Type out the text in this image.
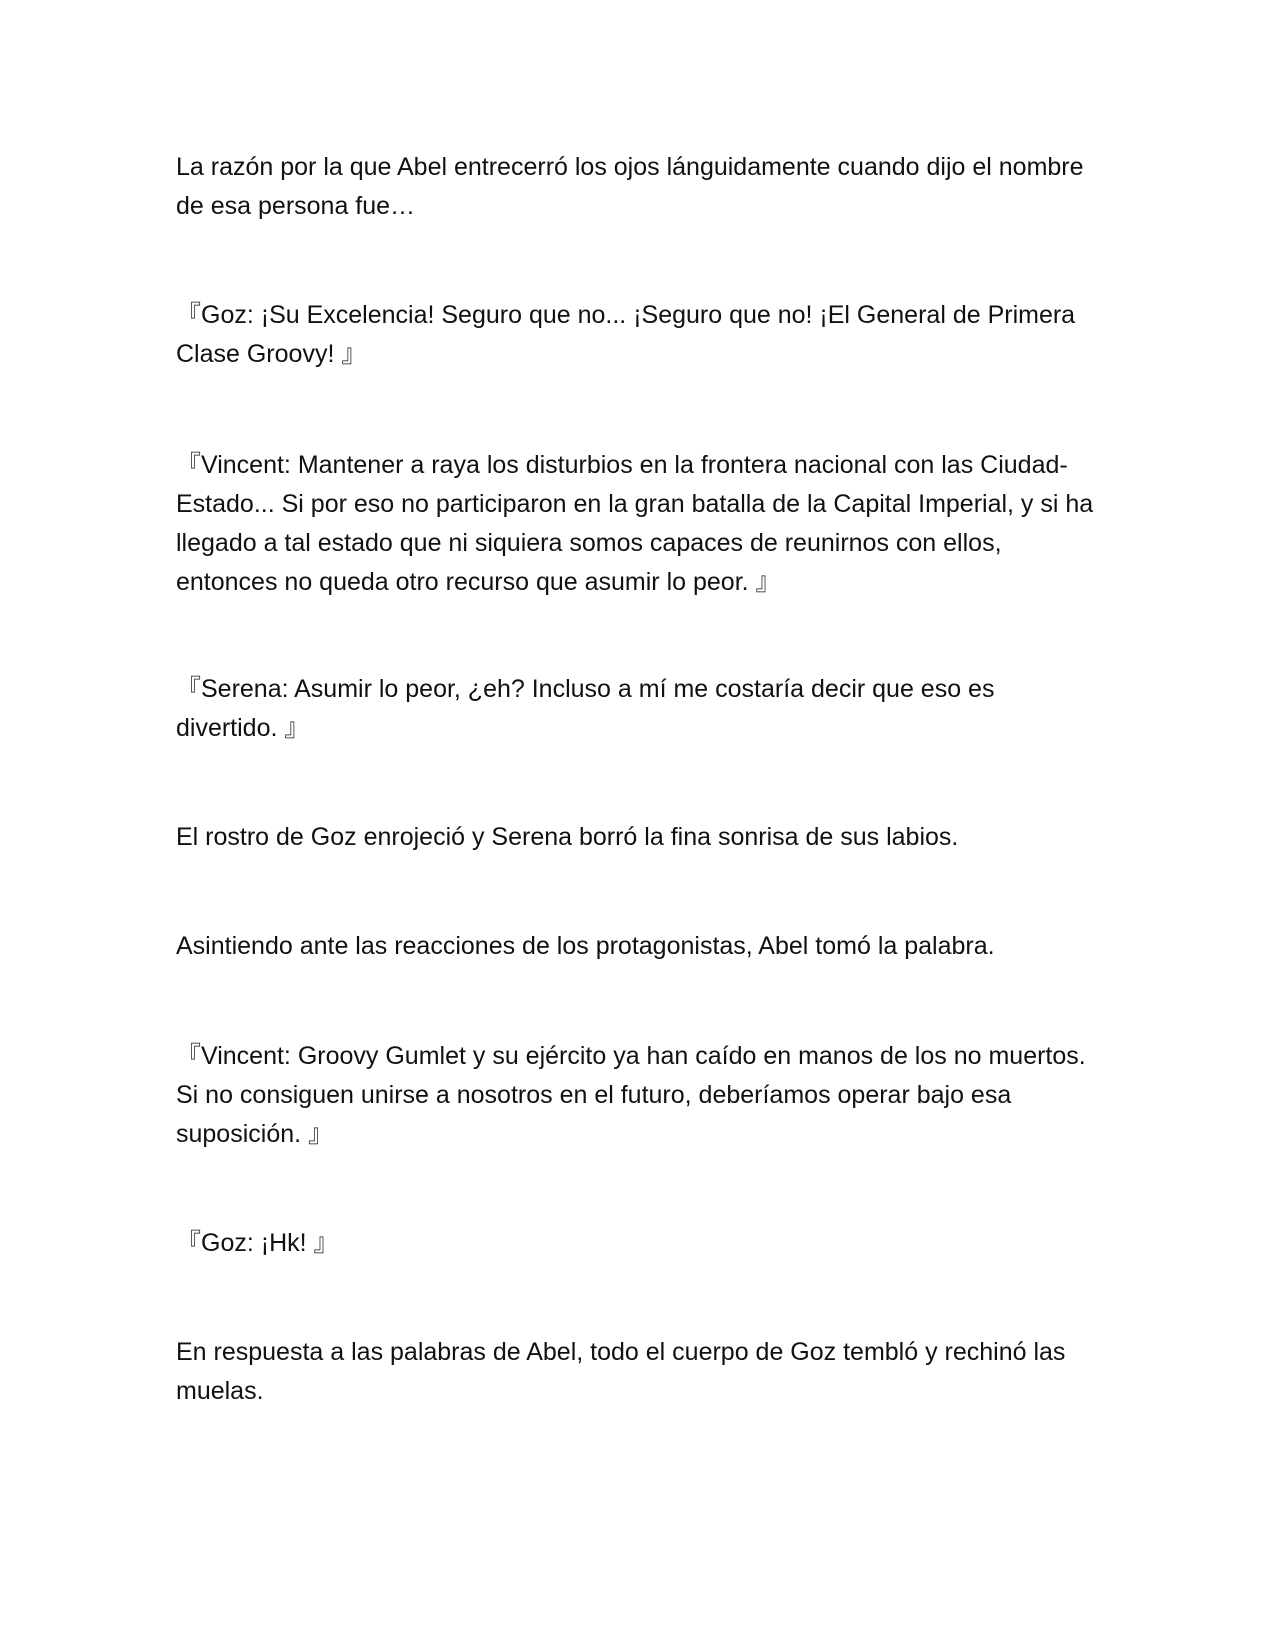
La razón por la que Abel entrecerró los ojos lánguidamente cuando dijo el nombre de esa persona fue…

『Goz: ¡Su Excelencia! Seguro que no... ¡Seguro que no! ¡El General de Primera Clase Groovy! 』

『Vincent: Mantener a raya los disturbios en la frontera nacional con las Ciudad-Estado... Si por eso no participaron en la gran batalla de la Capital Imperial, y si ha llegado a tal estado que ni siquiera somos capaces de reunirnos con ellos, entonces no queda otro recurso que asumir lo peor. 』

『Serena: Asumir lo peor, ¿eh? Incluso a mí me costaría decir que eso es divertido. 』

El rostro de Goz enrojeció y Serena borró la fina sonrisa de sus labios.

Asintiendo ante las reacciones de los protagonistas, Abel tomó la palabra.

『Vincent: Groovy Gumlet y su ejército ya han caído en manos de los no muertos. Si no consiguen unirse a nosotros en el futuro, deberíamos operar bajo esa suposición. 』

『Goz: ¡Hk! 』

En respuesta a las palabras de Abel, todo el cuerpo de Goz tembló y rechinó las muelas.
